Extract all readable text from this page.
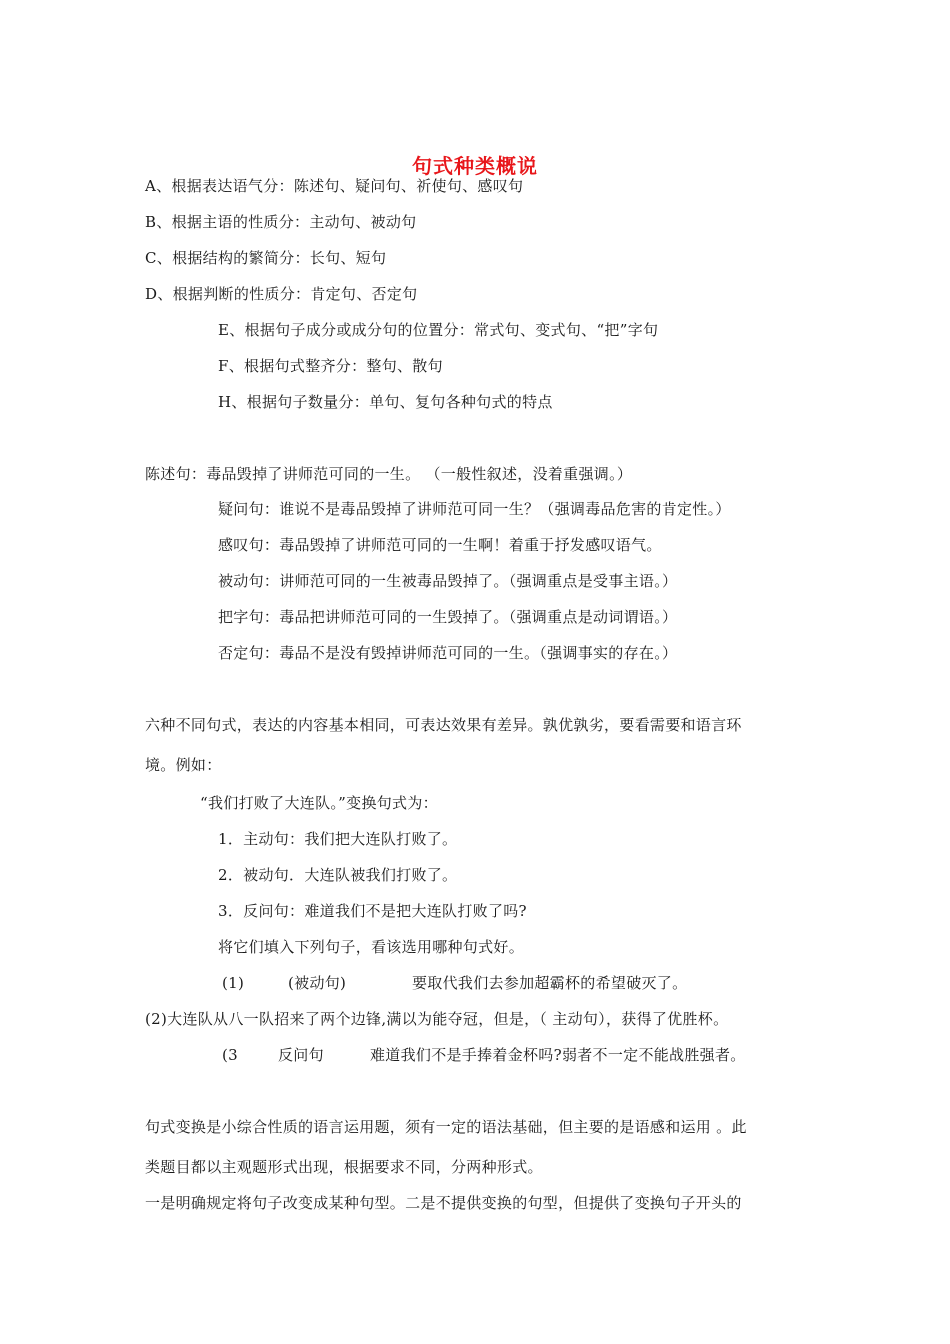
句式种类概说
A、根据表达语气分：陈述句、疑问句、祈使句、感叹句
B、根据主语的性质分：主动句、被动句
C、根据结构的繁简分：长句、短句
D、根据判断的性质分：肯定句、否定句
E、根据句子成分或成分句的位置分：常式句、变式句、“把”字句
F、根据句式整齐分：整句、散句
H、根据句子数量分：单句、复句各种句式的特点
陈述句：毒品毁掉了讲师范可同的一生。 （一般性叙述，没着重强调。）
疑问句：谁说不是毒品毁掉了讲师范可同一生？（强调毒品危害的肯定性。）
感叹句：毒品毁掉了讲师范可同的一生啊！着重于抒发感叹语气。
被动句：讲师范可同的一生被毒品毁掉了。（强调重点是受事主语。）
把字句：毒品把讲师范可同的一生毁掉了。（强调重点是动词谓语。）
否定句：毒品不是没有毁掉讲师范可同的一生。（强调事实的存在。）
六种不同句式，表达的内容基本相同，可表达效果有差异。孰优孰劣，要看需要和语言环
境。例如：
“我们打败了大连队。”变换句式为：
1．主动句：我们把大连队打败了。
2．被动句．大连队被我们打败了。
3．反问句：难道我们不是把大连队打败了吗?
将它们填入下列句子，看该选用哪种句式好。
(1)	(被动句)	要取代我们去参加超霸杯的希望破灭了。
(2)大连队从八一队招来了两个边锋,满以为能夺冠，但是，（ 主动句），获得了优胜杯。
(3	反问句	难道我们不是手捧着金杯吗?弱者不一定不能战胜强者。
句式变换是小综合性质的语言运用题，须有一定的语法基础，但主要的是语感和运用 。此
类题目都以主观题形式出现，根据要求不同，分两种形式。
一是明确规定将句子改变成某种句型。二是不提供变换的句型，但提供了变换句子开头的
